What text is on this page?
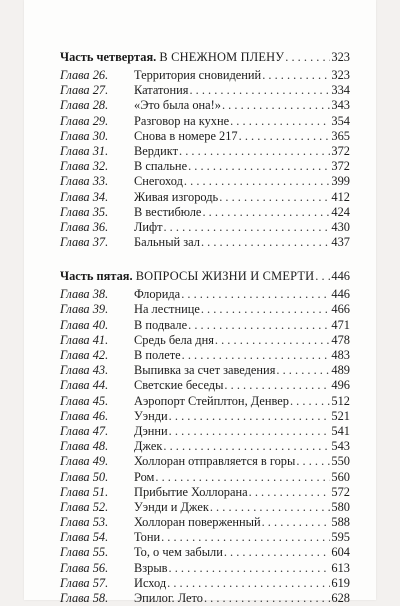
Часть четвертая. В СНЕЖНОМ ПЛЕНУ . . .	323
Глава 26. Территория сновидений . . .	323
Глава 27. Кататония . . .	334
Глава 28. «Это была она!» . . .	343
Глава 29. Разговор на кухне . . .	354
Глава 30. Снова в номере 217 . . .	365
Глава 31. Вердикт . . .	372
Глава 32. В спальне . . .	372
Глава 33. Снегоход . . .	399
Глава 34. Живая изгородь . . .	412
Глава 35. В вестибюле . . .	424
Глава 36. Лифт . . .	430
Глава 37. Бальный зал . . .	437
Часть пятая. ВОПРОСЫ ЖИЗНИ И СМЕРТИ . . . 446
Глава 38. Флорида . . .	446
Глава 39. На лестнице . . .	466
Глава 40. В подвале . . .	471
Глава 41. Средь бела дня . . .	478
Глава 42. В полете . . .	483
Глава 43. Выпивка за счет заведения . . .	489
Глава 44. Светские беседы . . .	496
Глава 45. Аэропорт Стейплтон, Денвер . . .	512
Глава 46. Уэнди . . .	521
Глава 47. Дэнни . . .	541
Глава 48. Джек . . .	543
Глава 49. Холлоран отправляется в горы . . .	550
Глава 50. Ром . . .	560
Глава 51. Прибытие Холлорана . . .	572
Глава 52. Уэнди и Джек . . .	580
Глава 53. Холлоран поверженный . . .	588
Глава 54. Тони . . .	595
Глава 55. То, о чем забыли . . .	604
Глава 56. Взрыв . . .	613
Глава 57. Исход . . .	619
Глава 58. Эпилог. Лето . . .	628
